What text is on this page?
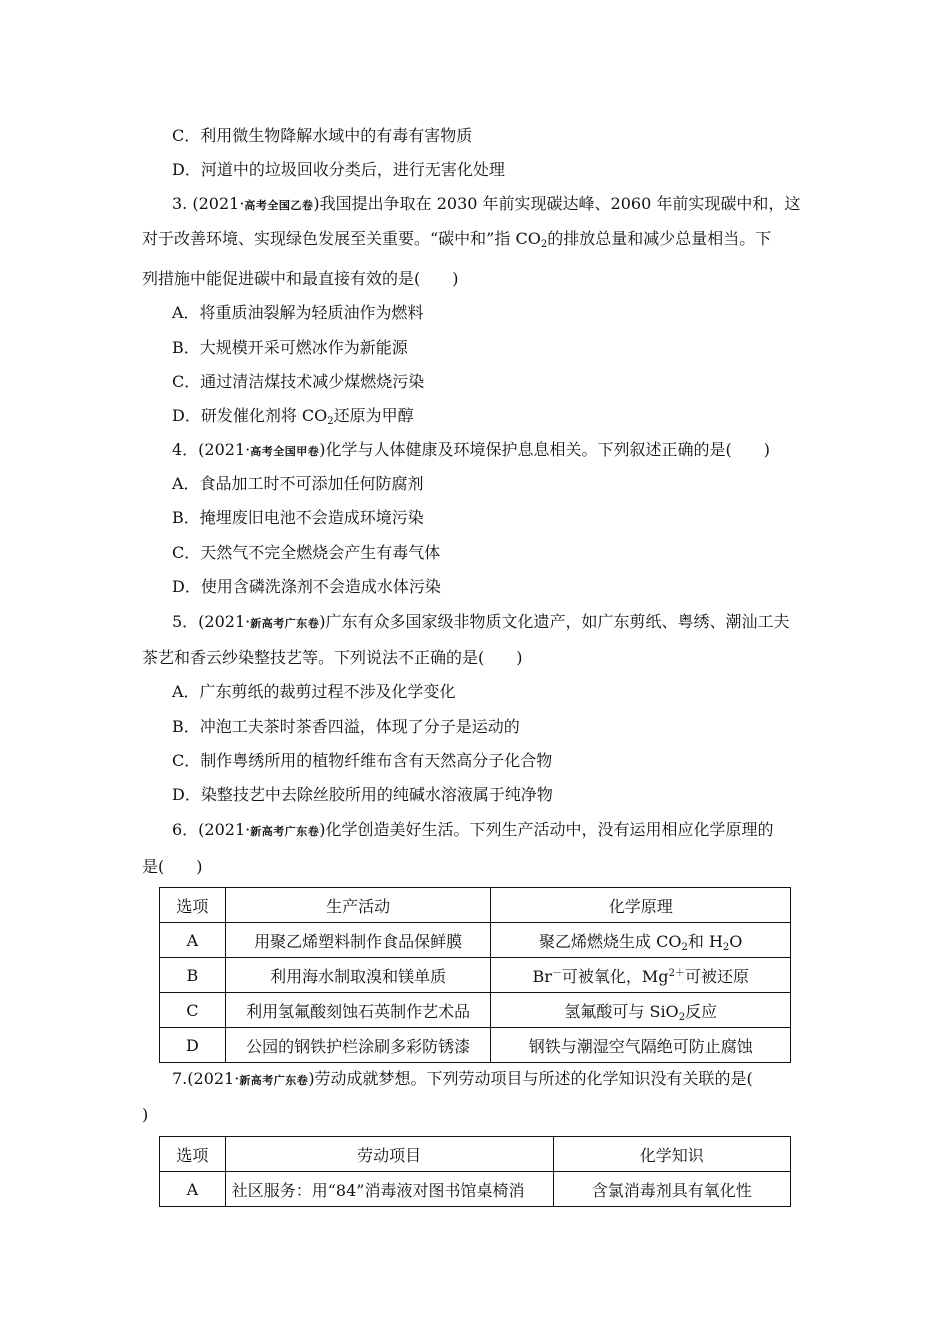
C．利用微生物降解水域中的有毒有害物质
D．河道中的垃圾回收分类后，进行无害化处理
3. (2021·高考全国乙卷)我国提出争取在 2030 年前实现碳达峰、2060 年前实现碳中和，这
对于改善环境、实现绿色发展至关重要。“碳中和”指 $CO_2$的排放总量和减少总量相当。下
列措施中能促进碳中和最直接有效的是(　　)
A．将重质油裂解为轻质油作为燃料
B．大规模开采可燃冰作为新能源
C．通过清洁煤技术减少煤燃烧污染
D．研发催化剂将 $CO_2$还原为甲醇
4．(2021·高考全国甲卷)化学与人体健康及环境保护息息相关。下列叙述正确的是(　　)
A．食品加工时不可添加任何防腐剂
B．掩埋废旧电池不会造成环境污染
C．天然气不完全燃烧会产生有毒气体
D．使用含磷洗涤剂不会造成水体污染
5．(2021·新高考广东卷)广东有众多国家级非物质文化遗产，如广东剪纸、粤绣、潮汕工夫
茶艺和香云纱染整技艺等。下列说法不正确的是(　　)
A．广东剪纸的裁剪过程不涉及化学变化
B．冲泡工夫茶时茶香四溢，体现了分子是运动的
C．制作粤绣所用的植物纤维布含有天然高分子化合物
D．染整技艺中去除丝胶所用的纯碱水溶液属于纯净物
6．(2021·新高考广东卷)化学创造美好生活。下列生产活动中，没有运用相应化学原理的
是(　　)
选项	生产活动	化学原理
A	用聚乙烯塑料制作食品保鲜膜	聚乙烯燃烧生成 $CO_2$和 $H_2O$
B	利用海水制取溴和镁单质	Br－可被氧化，$Mg^{2+}$可被还原
C	利用氢氟酸刻蚀石英制作艺术品	氢氟酸可与 SiO$_2$反应
D	公园的钢铁护栏涂刷多彩防锈漆	钢铁与潮湿空气隔绝可防止腐蚀
7.(2021·新高考广东卷)劳动成就梦想。下列劳动项目与所述的化学知识没有关联的是(
)
选项	劳动项目	化学知识
A	社区服务：用“84”消毒液对图书馆桌椅消	含氯消毒剂具有氧化性
